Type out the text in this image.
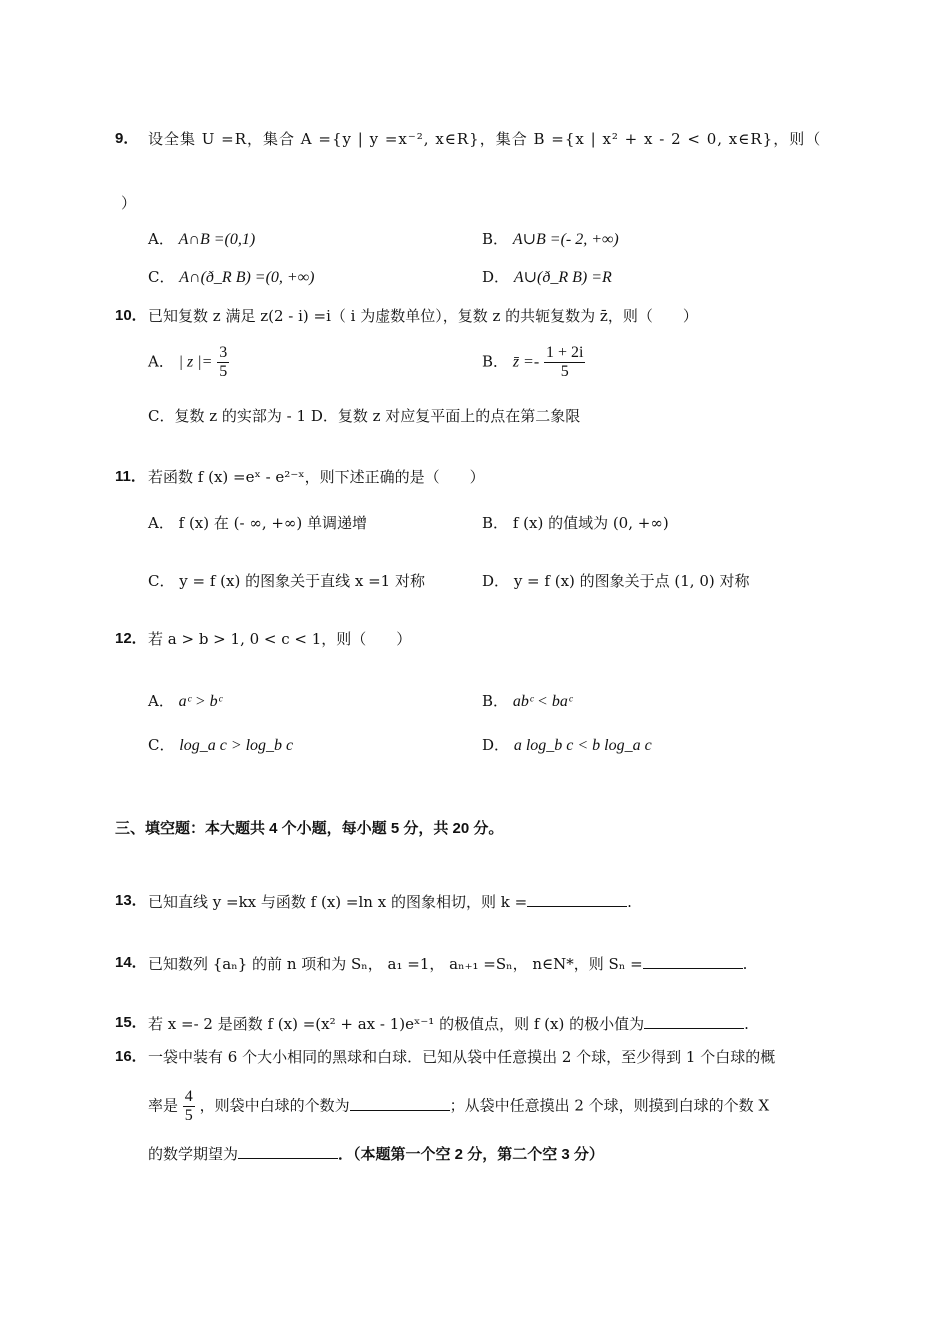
9． 设全集 U =R，集合 A ={y | y =x⁻², x∈R}，集合 B ={x | x² + x - 2 < 0, x∈R}，则（
）
A． A∩B =(0,1)	B． A∪B =(- 2, +∞)
C． A∩(ð_R B) =(0, +∞)	D． A∪(ð_R B) =R
10． 已知复数 z 满足 z(2 - i) =i（ i 为虚数单位），复数 z 的共轭复数为 z̄，则（　　）
A． | z |= $\frac{3}{5}$	B． z̄ =- $\frac{1 + 2i}{5}$
C．复数 z 的实部为 - 1 D．复数 z 对应复平面上的点在第二象限
11． 若函数 f (x) =eˣ - e²⁻ˣ，则下述正确的是（　　）
A． f (x) 在 (- ∞, +∞) 单调递增	B． f (x) 的值域为 (0, +∞)
C． y = f (x) 的图象关于直线 x =1 对称	D． y = f (x) 的图象关于点 (1, 0) 对称
12． 若 a > b > 1, 0 < c < 1，则（　　）
A． aᶜ > bᶜ	B． abᶜ < baᶜ
C． log_a c > log_b c	D． a log_b c < b log_a c
三、填空题：本大题共 4 个小题，每小题 5 分，共 20 分。
13． 已知直线 y =kx 与函数 f (x) =ln x 的图象相切，则 k =	.
14． 已知数列 {aₙ} 的前 n 项和为 Sₙ， a₁ =1， aₙ₊₁ =Sₙ， n∈N*，则 Sₙ =	.
15． 若 x =- 2 是函数 f (x) =(x² + ax - 1)eˣ⁻¹ 的极值点，则 f (x) 的极小值为	.
16． 一袋中装有 6 个大小相同的黑球和白球．已知从袋中任意摸出 2 个球，至少得到 1 个白球的概
率是 $\frac{4}{5}$ ，则袋中白球的个数为	；从袋中任意摸出 2 个球，则摸到白球的个数 X
的数学期望为	．（本题第一个空 2 分，第二个空 3 分）
